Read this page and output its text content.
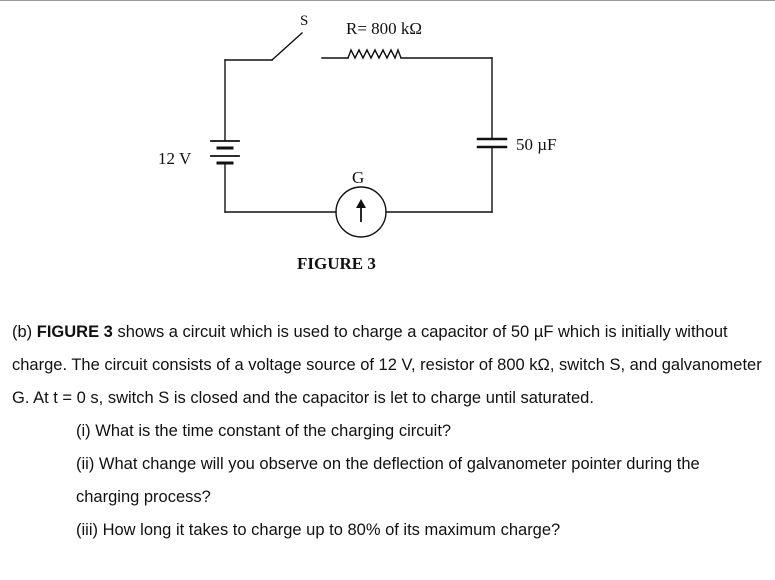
S R= 800 kΩ
12 V
50 µF
G
FIGURE 3

(b) FIGURE 3 shows a circuit which is used to charge a capacitor of 50 µF which is initially without charge. The circuit consists of a voltage source of 12 V, resistor of 800 kΩ, switch S, and galvanometer G. At t = 0 s, switch S is closed and the capacitor is let to charge until saturated.

(i) What is the time constant of the charging circuit?

(ii) What change will you observe on the deflection of galvanometer pointer during the charging process?

(iii) How long it takes to charge up to 80% of its maximum charge?
